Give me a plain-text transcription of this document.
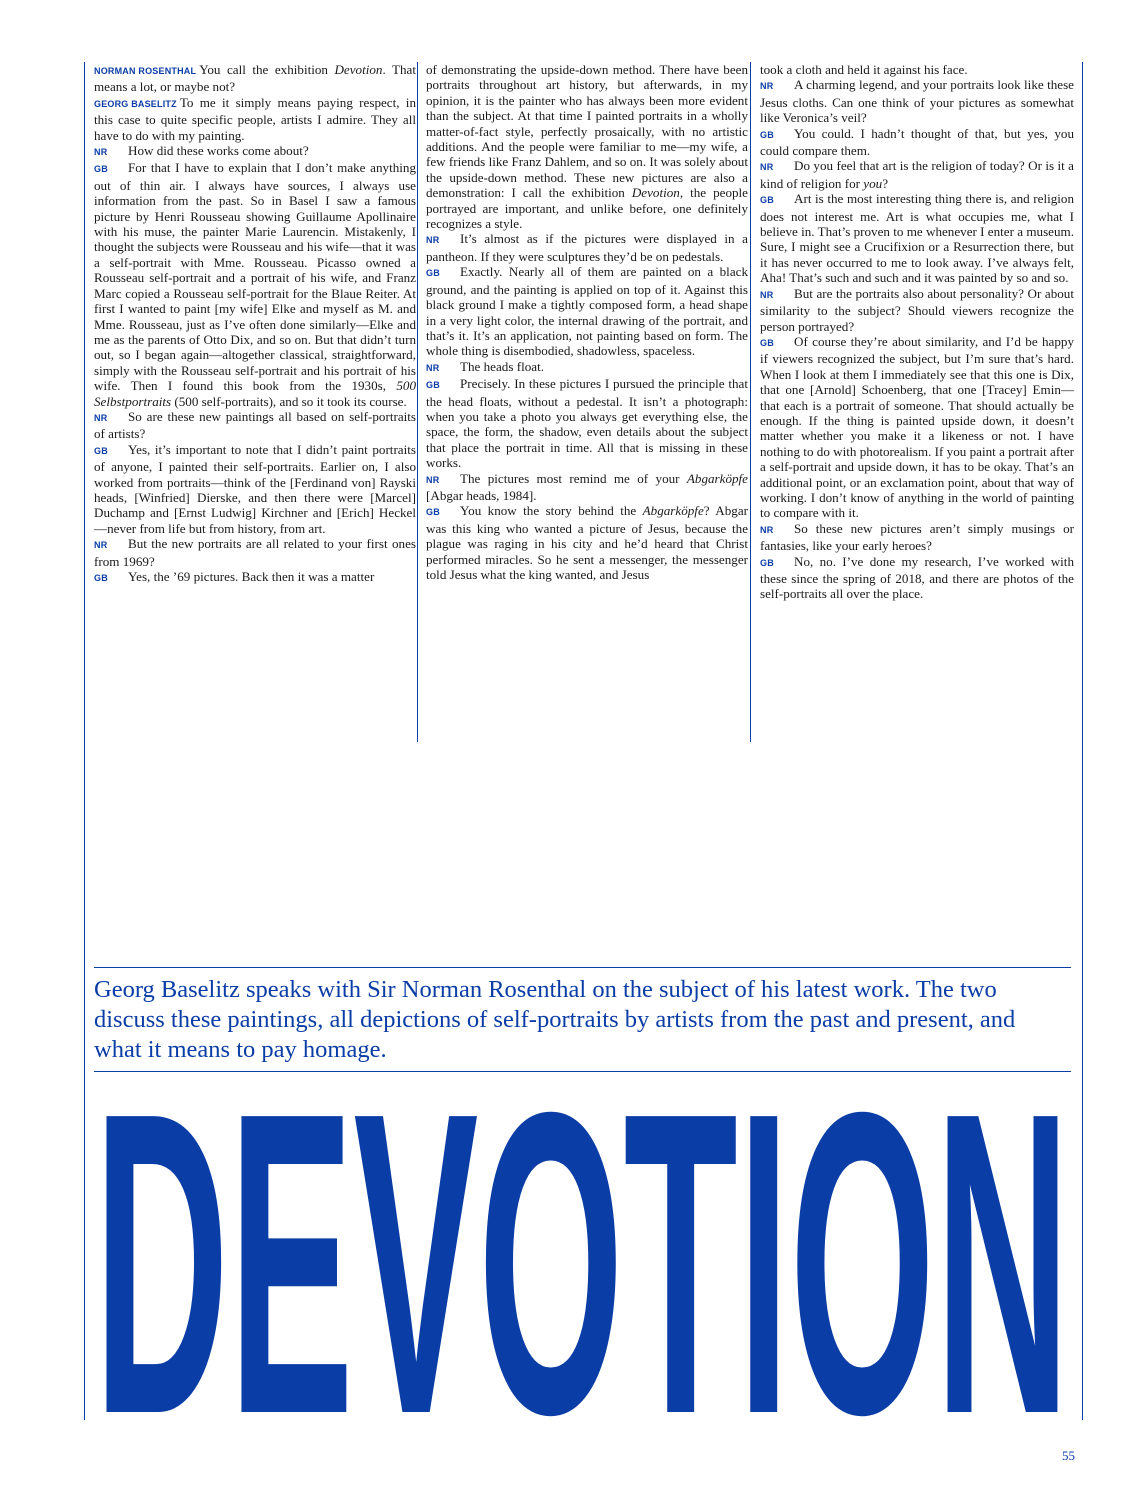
NORMAN ROSENTHAL You call the exhibition Devotion. That means a lot, or maybe not?

GEORG BASELITZ To me it simply means paying respect, in this case to quite specific people, artists I admire. They all have to do with my painting.

NR How did these works come about?

GB For that I have to explain that I don’t make anything out of thin air. I always have sources, I always use information from the past. So in Basel I saw a famous picture by Henri Rousseau showing Guillaume Apollinaire with his muse, the painter Marie Laurencin. Mistakenly, I thought the subjects were Rousseau and his wife—that it was a self-portrait with Mme. Rousseau. Picasso owned a Rousseau self-portrait and a portrait of his wife, and Franz Marc copied a Rousseau self-portrait for the Blaue Reiter. At first I wanted to paint [my wife] Elke and myself as M. and Mme. Rousseau, just as I’ve often done similarly—Elke and me as the parents of Otto Dix, and so on. But that didn’t turn out, so I began again—altogether classical, straightforward, simply with the Rousseau self-portrait and his portrait of his wife. Then I found this book from the 1930s, 500 Selbstportraits (500 self-portraits), and so it took its course.

NR So are these new paintings all based on self-portraits of artists?

GB Yes, it’s important to note that I didn’t paint portraits of anyone, I painted their self-portraits. Earlier on, I also worked from portraits—think of the [Ferdinand von] Rayski heads, [Winfried] Dierske, and then there were [Marcel] Duchamp and [Ernst Ludwig] Kirchner and [Erich] Heckel—never from life but from history, from art.

NR But the new portraits are all related to your first ones from 1969?

GB Yes, the ’69 pictures. Back then it was a matter

of demonstrating the upside-down method. There have been portraits throughout art history, but afterwards, in my opinion, it is the painter who has always been more evident than the subject. At that time I painted portraits in a wholly matter-of-fact style, perfectly prosaically, with no artistic additions. And the people were familiar to me—my wife, a few friends like Franz Dahlem, and so on. It was solely about the upside-down method. These new pictures are also a demonstration: I call the exhibition Devotion, the people portrayed are important, and unlike before, one definitely recognizes a style.

NR It’s almost as if the pictures were displayed in a pantheon. If they were sculptures they’d be on pedestals.

GB Exactly. Nearly all of them are painted on a black ground, and the painting is applied on top of it. Against this black ground I make a tightly composed form, a head shape in a very light color, the internal drawing of the portrait, and that’s it. It’s an application, not painting based on form. The whole thing is disembodied, shadowless, spaceless.

NR The heads float.

GB Precisely. In these pictures I pursued the principle that the head floats, without a pedestal. It isn’t a photograph: when you take a photo you always get everything else, the space, the form, the shadow, even details about the subject that place the portrait in time. All that is missing in these works.

NR The pictures most remind me of your Abgarköpfe [Abgar heads, 1984].

GB You know the story behind the Abgarköpfe? Abgar was this king who wanted a picture of Jesus, because the plague was raging in his city and he’d heard that Christ performed miracles. So he sent a messenger, the messenger told Jesus what the king wanted, and Jesus

took a cloth and held it against his face.

NR A charming legend, and your portraits look like these Jesus cloths. Can one think of your pictures as somewhat like Veronica’s veil?

GB You could. I hadn’t thought of that, but yes, you could compare them.

NR Do you feel that art is the religion of today? Or is it a kind of religion for you?

GB Art is the most interesting thing there is, and religion does not interest me. Art is what occupies me, what I believe in. That’s proven to me whenever I enter a museum. Sure, I might see a Crucifixion or a Resurrection there, but it has never occurred to me to look away. I’ve always felt, Aha! That’s such and such and it was painted by so and so.

NR But are the portraits also about personality? Or about similarity to the subject? Should viewers recognize the person portrayed?

GB Of course they’re about similarity, and I’d be happy if viewers recognized the subject, but I’m sure that’s hard. When I look at them I immediately see that this one is Dix, that one [Arnold] Schoenberg, that one [Tracey] Emin—that each is a portrait of someone. That should actually be enough. If the thing is painted upside down, it doesn’t matter whether you make it a likeness or not. I have nothing to do with photorealism. If you paint a portrait after a self-portrait and upside down, it has to be okay. That’s an additional point, or an exclamation point, about that way of working. I don’t know of anything in the world of painting to compare with it.

NR So these new pictures aren’t simply musings or fantasies, like your early heroes?

GB No, no. I’ve done my research, I’ve worked with these since the spring of 2018, and there are photos of the self-portraits all over the place.

Georg Baselitz speaks with Sir Norman Rosenthal on the subject of his latest work. The two discuss these paintings, all depictions of self-portraits by artists from the past and present, and what it means to pay homage.
DEVOTION
55
